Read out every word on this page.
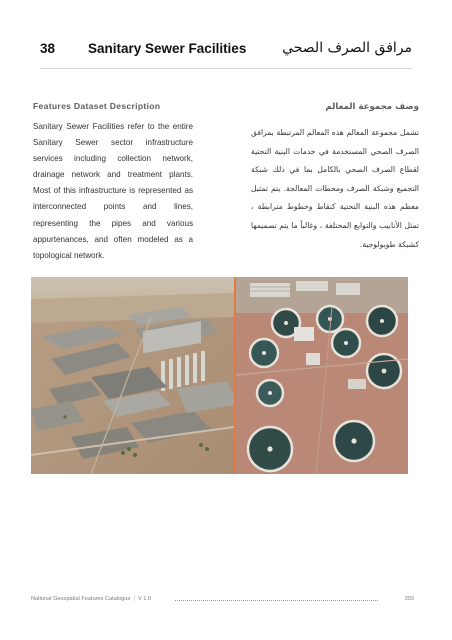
38 Sanitary Sewer Facilities	مرافق الصرف الصحي
Features Dataset Description
Sanitary Sewer Facilities refer to the entire Sanitary Sewer sector infrastructure services including collection network, drainage network and treatment plants. Most of this infrastructure is represented as interconnected points and lines, representing the pipes and various appurtenances, and often modeled as a topological network.
وصف مجموعة المعالم
تشمل مجموعة المعالم هذه المعالم المرتبطة بمرافق الصرف الصحي المستخدمة في خدمات البنية التحتية لقطاع الصرف الصحي بالكامل بما في ذلك شبكة التجميع وشبكة الصرف ومحطات المعالجة. يتم تمثيل معظم هذه البنية التحتية كنقاط وخطوط مترابطة ، تمثل الأنابيب والتوابع المختلفة ، وغالباً ما يتم تصميمها كشبكة طوبولوجية.
National Geospatial Features Catalogue | V 1.0	393
